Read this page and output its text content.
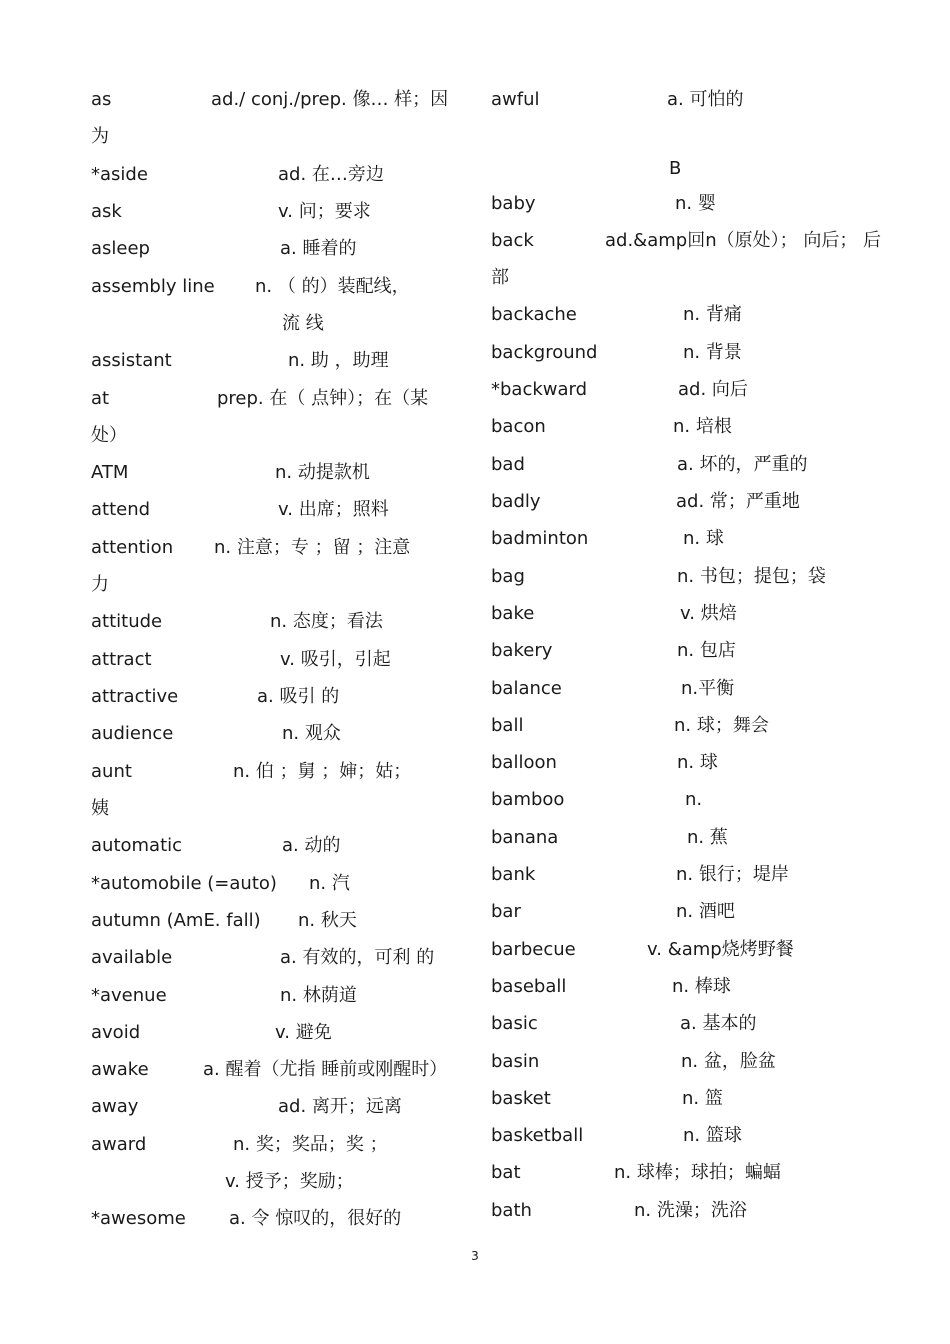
as	ad./ conj./prep. 像… 样；因
为
*aside	ad. 在…旁边
ask	v. 问；要求
asleep	a. 睡着的
assembly line n. （ 的）装配线，
流 线
assistant	n. 助 ，助理
at	prep. 在（ 点钟）；在（某
处）
ATM	n. 动提款机
attend	v. 出席；照料
attention n. 注意；专 ；留 ；注意
力
attitude	n. 态度；看法
attract	v. 吸引，引起
attractive	a. 吸引 的
audience	n. 观众
aunt	n. 伯 ；舅 ；婶；姑；
姨
automatic	a. 动的
*automobile (=auto) n. 汽
autumn (AmE. fall) n. 秋天
available	a. 有效的，可利 的
*avenue	n. 林荫道
avoid	v. 避免
awake	a. 醒着（尤指 睡前或刚醒时）
away	ad. 离开；远离
award	n. 奖；奖品；奖 ；
v. 授予；奖励；
*awesome a. 令 惊叹的，很好的
awful	a. 可怕的
B
baby	n. 婴
back	ad.&amp回n（原处）； 向后； 后
部
backache	n. 背痛
background	n. 背景
*backward	ad. 向后
bacon	n. 培根
bad	a. 坏的，严重的
badly	ad. 常；严重地
badminton	n. 球
bag	n. 书包；提包；袋
bake	v. 烘焙
bakery	n. 包店
balance	n.平衡
ball	n. 球；舞会
balloon	n. 球
bamboo	n.
banana	n. 蕉
bank	n. 银行；堤岸
bar	n. 酒吧
barbecue	v. &amp烧烤野餐
baseball	n. 棒球
basic	a. 基本的
basin	n. 盆，脸盆
basket	n. 篮
basketball	n. 篮球
bat	n. 球棒；球拍；蝙蝠
bath	n. 洗澡；洗浴
3
